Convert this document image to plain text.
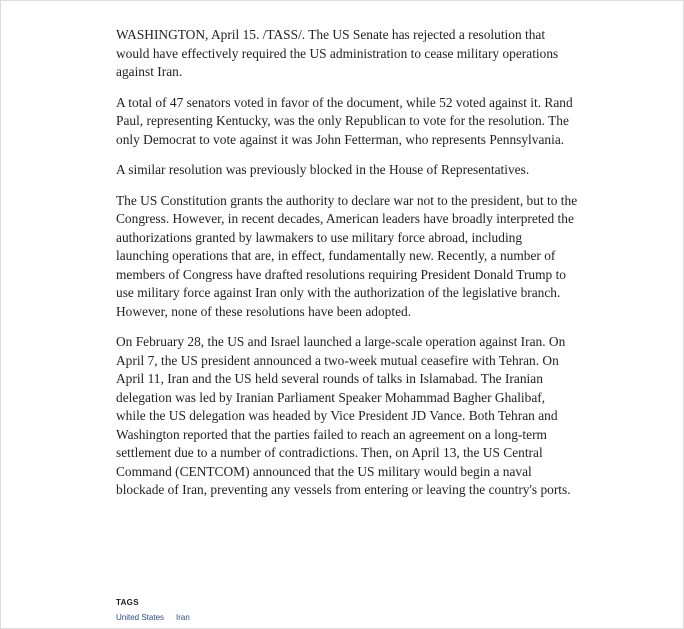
WASHINGTON, April 15. /TASS/. The US Senate has rejected a resolution that would have effectively required the US administration to cease military operations against Iran.

A total of 47 senators voted in favor of the document, while 52 voted against it. Rand Paul, representing Kentucky, was the only Republican to vote for the resolution. The only Democrat to vote against it was John Fetterman, who represents Pennsylvania.

A similar resolution was previously blocked in the House of Representatives.

The US Constitution grants the authority to declare war not to the president, but to the Congress. However, in recent decades, American leaders have broadly interpreted the authorizations granted by lawmakers to use military force abroad, including launching operations that are, in effect, fundamentally new. Recently, a number of members of Congress have drafted resolutions requiring President Donald Trump to use military force against Iran only with the authorization of the legislative branch. However, none of these resolutions have been adopted.

On February 28, the US and Israel launched a large-scale operation against Iran. On April 7, the US president announced a two-week mutual ceasefire with Tehran. On April 11, Iran and the US held several rounds of talks in Islamabad. The Iranian delegation was led by Iranian Parliament Speaker Mohammad Bagher Ghalibaf, while the US delegation was headed by Vice President JD Vance. Both Tehran and Washington reported that the parties failed to reach an agreement on a long-term settlement due to a number of contradictions. Then, on April 13, the US Central Command (CENTCOM) announced that the US military would begin a naval blockade of Iran, preventing any vessels from entering or leaving the country's ports.

TAGS
United States Iran
